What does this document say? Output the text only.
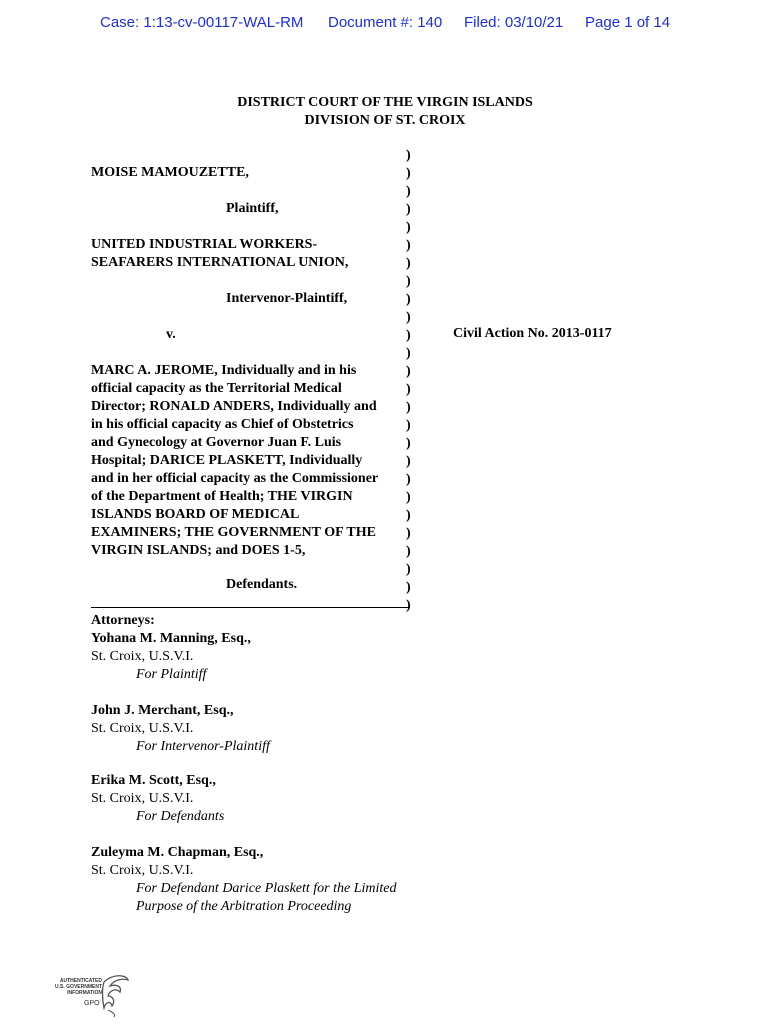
Case: 1:13-cv-00117-WAL-RM Document #: 140 Filed: 03/10/21 Page 1 of 14
DISTRICT COURT OF THE VIRGIN ISLANDS
DIVISION OF ST. CROIX
MOISE MAMOUZETTE,
Plaintiff,
UNITED INDUSTRIAL WORKERS-
SEAFARERS INTERNATIONAL UNION,
Intervenor-Plaintiff,
v.
MARC A. JEROME, Individually and in his
official capacity as the Territorial Medical
Director; RONALD ANDERS, Individually and
in his official capacity as Chief of Obstetrics
and Gynecology at Governor Juan F. Luis
Hospital; DARICE PLASKETT, Individually
and in her official capacity as the Commissioner
of the Department of Health; THE VIRGIN
ISLANDS BOARD OF MEDICAL
EXAMINERS; THE GOVERNMENT OF THE
VIRGIN ISLANDS; and DOES 1-5,
Defendants.
)
)
)
)
)
)
)
)
)
)
)
)
)
)
)
)
)
)
)
)
)
)
)
)
)
)
Civil Action No. 2013-0117
Attorneys:
Yohana M. Manning, Esq.,
St. Croix, U.S.V.I.
For Plaintiff
John J. Merchant, Esq.,
St. Croix, U.S.V.I.
For Intervenor-Plaintiff
Erika M. Scott, Esq.,
St. Croix, U.S.V.I.
For Defendants
Zuleyma M. Chapman, Esq.,
St. Croix, U.S.V.I.
For Defendant Darice Plaskett for the Limited
Purpose of the Arbitration Proceeding
AUTHENTICATED
U.S. GOVERNMENT
INFORMATION
GPO
